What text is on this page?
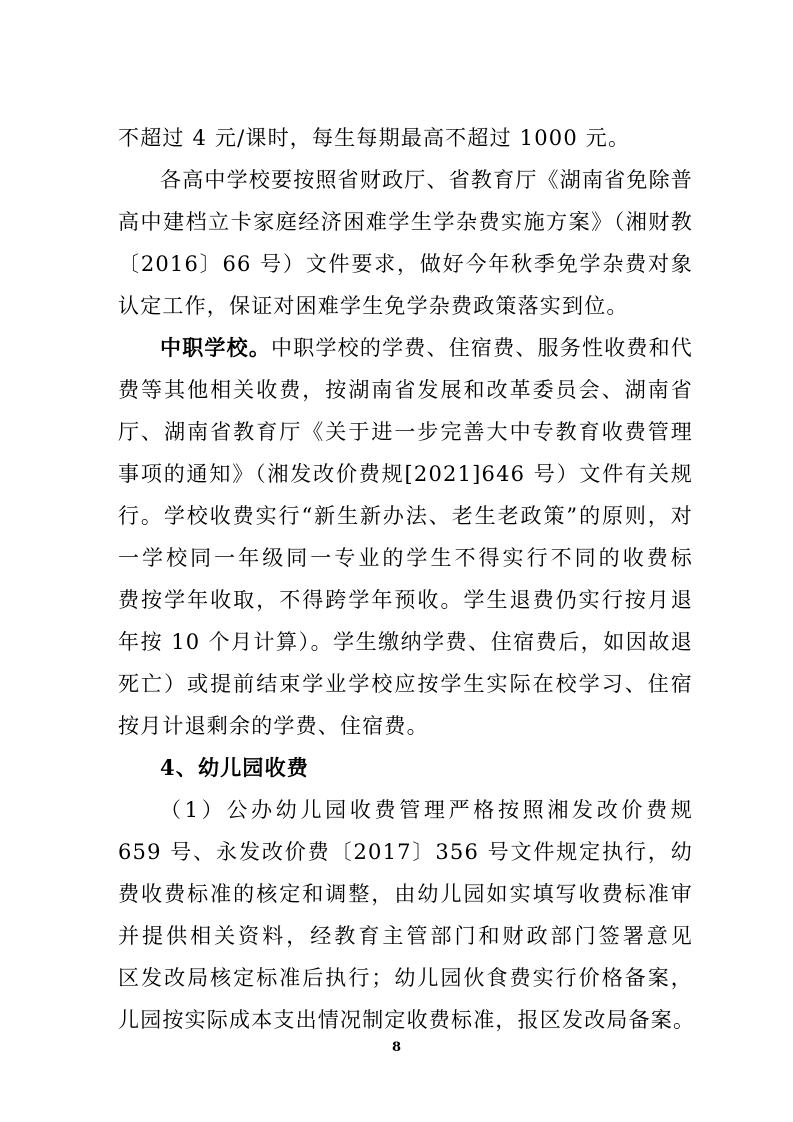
不超过 4 元/课时，每生每期最高不超过 1000 元。
各高中学校要按照省财政厅、省教育厅《湖南省免除普
高中建档立卡家庭经济困难学生学杂费实施方案》（湘财教
〔2016〕66 号）文件要求，做好今年秋季免学杂费对象
认定工作，保证对困难学生免学杂费政策落实到位。
中职学校。中职学校的学费、住宿费、服务性收费和代
费等其他相关收费，按湖南省发展和改革委员会、湖南省
厅、湖南省教育厅《关于进一步完善大中专教育收费管理
事项的通知》（湘发改价费规[2021]646 号）文件有关规
行。学校收费实行“新生新办法、老生老政策”的原则，对
一学校同一年级同一专业的学生不得实行不同的收费标
费按学年收取，不得跨学年预收。学生退费仍实行按月退
年按 10 个月计算）。学生缴纳学费、住宿费后，如因故退
死亡）或提前结束学业学校应按学生实际在校学习、住宿
按月计退剩余的学费、住宿费。
4、幼儿园收费
（1）公办幼儿园收费管理严格按照湘发改价费规
659 号、永发改价费〔2017〕356 号文件规定执行，幼
费收费标准的核定和调整，由幼儿园如实填写收费标准审
并提供相关资料，经教育主管部门和财政部门签署意见
区发改局核定标准后执行；幼儿园伙食费实行价格备案，
儿园按实际成本支出情况制定收费标准，报区发改局备案。
8
